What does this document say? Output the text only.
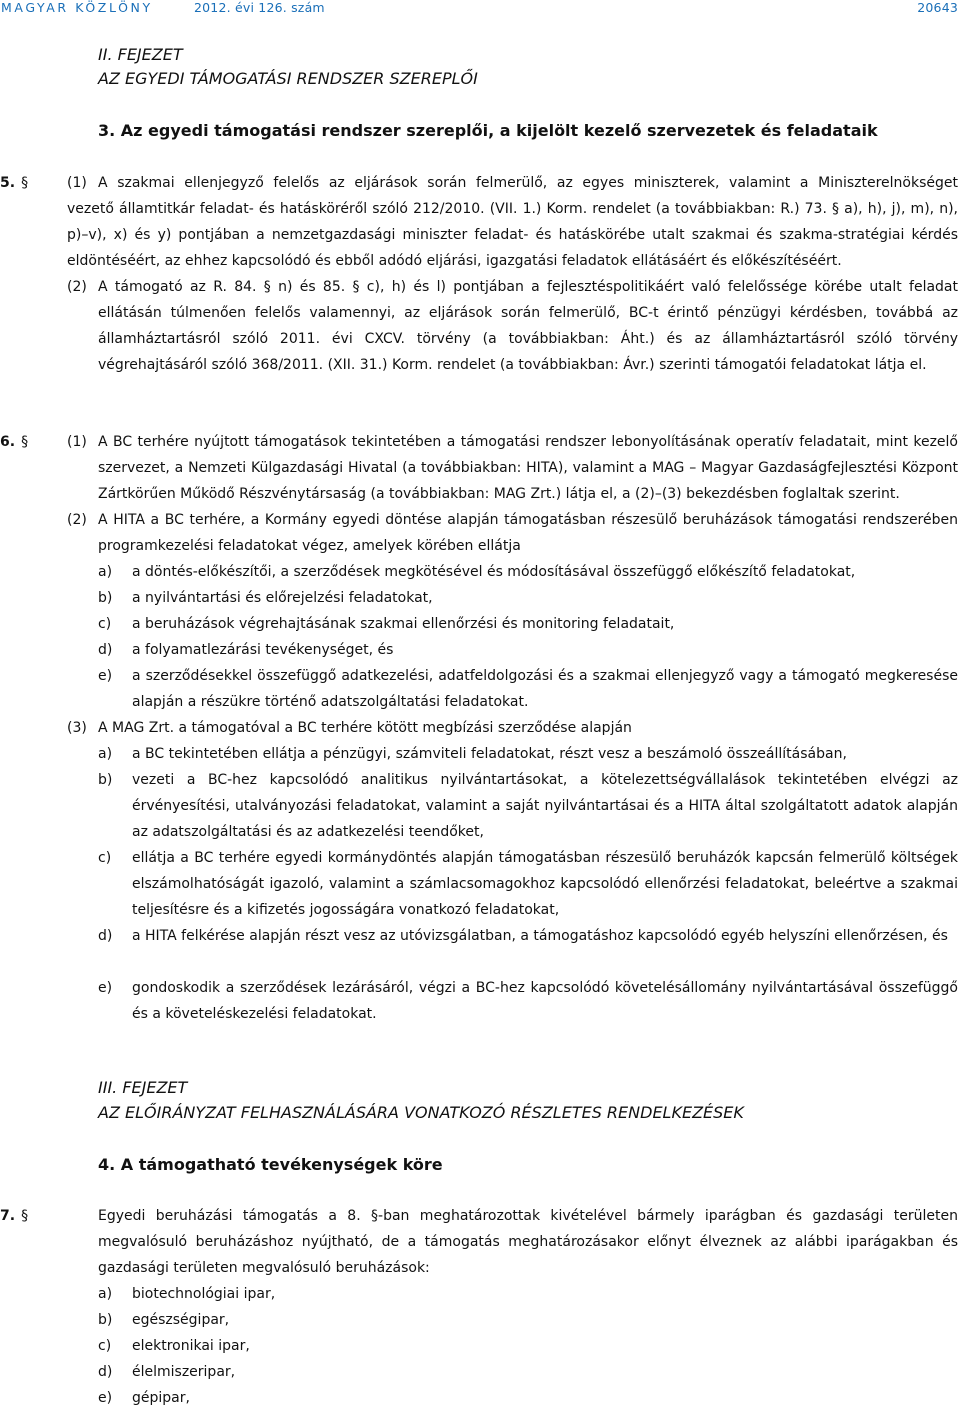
MAGYAR KÖZLÖNY	2012. évi 126. szám	20643
II. FEJEZET
AZ EGYEDI TÁMOGATÁSI RENDSZER SZEREPLŐI
3. Az egyedi támogatási rendszer szereplői, a kijelölt kezelő szervezetek és feladataik
5. §	(1) A szakmai ellenjegyző felelős az eljárások során felmerülő, az egyes miniszterek, valamint a Miniszterelnökséget
vezető államtitkár feladat- és hatásköréről szóló 212/2010. (VII. 1.) Korm. rendelet (a továbbiakban: R.) 73. § a), h), j), m), n), p)–v), x) és y) pontjában a nemzetgazdasági miniszter feladat- és hatáskörébe utalt szakmai és szakma-stratégiai kérdés eldöntéséért, az ehhez kapcsolódó és ebből adódó eljárási, igazgatási feladatok ellátásáért és előkészítéséért.
(2) A támogató az R. 84. § n) és 85. § c), h) és l) pontjában a fejlesztéspolitikáért való felelőssége körébe utalt feladat
ellátásán túlmenően felelős valamennyi, az eljárások során felmerülő, BC-t érintő pénzügyi kérdésben, továbbá az államháztartásról szóló 2011. évi CXCV. törvény (a továbbiakban: Áht.) és az államháztartásról szóló törvény végrehajtásáról szóló 368/2011. (XII. 31.) Korm. rendelet (a továbbiakban: Ávr.) szerinti támogatói feladatokat látja el.
6. §	(1) A BC terhére nyújtott támogatások tekintetében a támogatási rendszer lebonyolításának operatív feladatait, mint kezelő szervezet, a Nemzeti Külgazdasági Hivatal (a továbbiakban: HITA), valamint a MAG – Magyar Gazdaságfejlesztési Központ Zártkörűen Működő Részvénytársaság (a továbbiakban: MAG Zrt.) látja el, a (2)–(3) bekezdésben foglaltak szerint.
(2) A HITA a BC terhére, a Kormány egyedi döntése alapján támogatásban részesülő beruházások támogatási rendszerében programkezelési feladatokat végez, amelyek körében ellátja
a) a döntés-előkészítői, a szerződések megkötésével és módosításával összefüggő előkészítő feladatokat,
b) a nyilvántartási és előrejelzési feladatokat,
c) a beruházások végrehajtásának szakmai ellenőrzési és monitoring feladatait,
d) a folyamatlezárási tevékenységet, és
e) a szerződésekkel összefüggő adatkezelési, adatfeldolgozási és a szakmai ellenjegyző vagy a támogató megkeresése alapján a részükre történő adatszolgáltatási feladatokat.
(3) A MAG Zrt. a támogatóval a BC terhére kötött megbízási szerződése alapján
a) a BC tekintetében ellátja a pénzügyi, számviteli feladatokat, részt vesz a beszámoló összeállításában,
b) vezeti a BC-hez kapcsolódó analitikus nyilvántartásokat, a kötelezettségvállalások tekintetében elvégzi az érvényesítési, utalványozási feladatokat, valamint a saját nyilvántartásai és a HITA által szolgáltatott adatok alapján az adatszolgáltatási és az adatkezelési teendőket,
c) ellátja a BC terhére egyedi kormánydöntés alapján támogatásban részesülő beruházók kapcsán felmerülő költségek elszámolhatóságát igazoló, valamint a számlacsomagokhoz kapcsolódó ellenőrzési feladatokat, beleértve a szakmai teljesítésre és a kifizetés jogosságára vonatkozó feladatokat,
d) a HITA felkérése alapján részt vesz az utóvizsgálatban, a támogatáshoz kapcsolódó egyéb helyszíni ellenőrzésen, és
e) gondoskodik a szerződések lezárásáról, végzi a BC-hez kapcsolódó követelésállomány nyilvántartásával összefüggő és a követeléskezelési feladatokat.
III. FEJEZET
AZ ELŐIRÁNYZAT FELHASZNÁLÁSÁRA VONATKOZÓ RÉSZLETES RENDELKEZÉSEK
4. A támogatható tevékenységek köre
7. §	Egyedi beruházási támogatás a 8. §-ban meghatározottak kivételével bármely iparágban és gazdasági területen megvalósuló beruházáshoz nyújtható, de a támogatás meghatározásakor előnyt élveznek az alábbi iparágakban és gazdasági területen megvalósuló beruházások:
a) biotechnológiai ipar,
b) egészségipar,
c) elektronikai ipar,
d) élelmiszeripar,
e) gépipar,
